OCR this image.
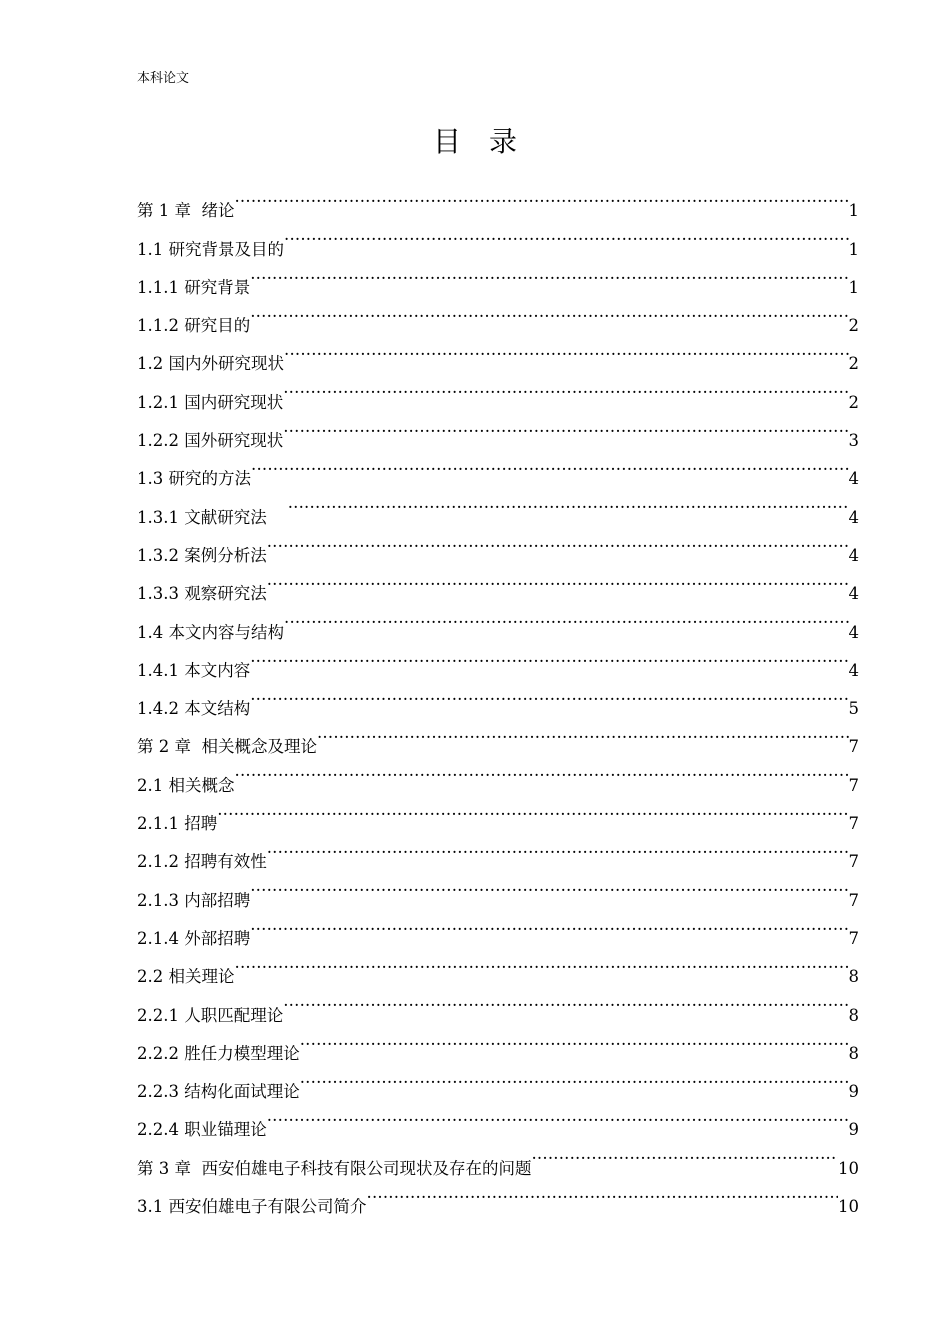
本科论文
目 录
第 1 章  绪论 .....	1
1.1 研究背景及目的 .....	1
1.1.1 研究背景 .....	1
1.1.2 研究目的 .....	2
1.2 国内外研究现状 .....	2
1.2.1 国内研究现状 .....	2
1.2.2 国外研究现状 .....	3
1.3 研究的方法 .....	4
1.3.1 文献研究法 .....	4
1.3.2 案例分析法 .....	4
1.3.3 观察研究法 .....	4
1.4 本文内容与结构 .....	4
1.4.1 本文内容 .....	4
1.4.2 本文结构 .....	5
第 2 章  相关概念及理论 .....	7
2.1 相关概念 .....	7
2.1.1 招聘 .....	7
2.1.2 招聘有效性 .....	7
2.1.3 内部招聘 .....	7
2.1.4 外部招聘 .....	7
2.2 相关理论 .....	8
2.2.1 人职匹配理论 .....	8
2.2.2 胜任力模型理论 .....	8
2.2.3 结构化面试理论 .....	9
2.2.4 职业锚理论 .....	9
第 3 章  西安伯雄电子科技有限公司现状及存在的问题 .....	10
3.1 西安伯雄电子有限公司简介 .....	10
